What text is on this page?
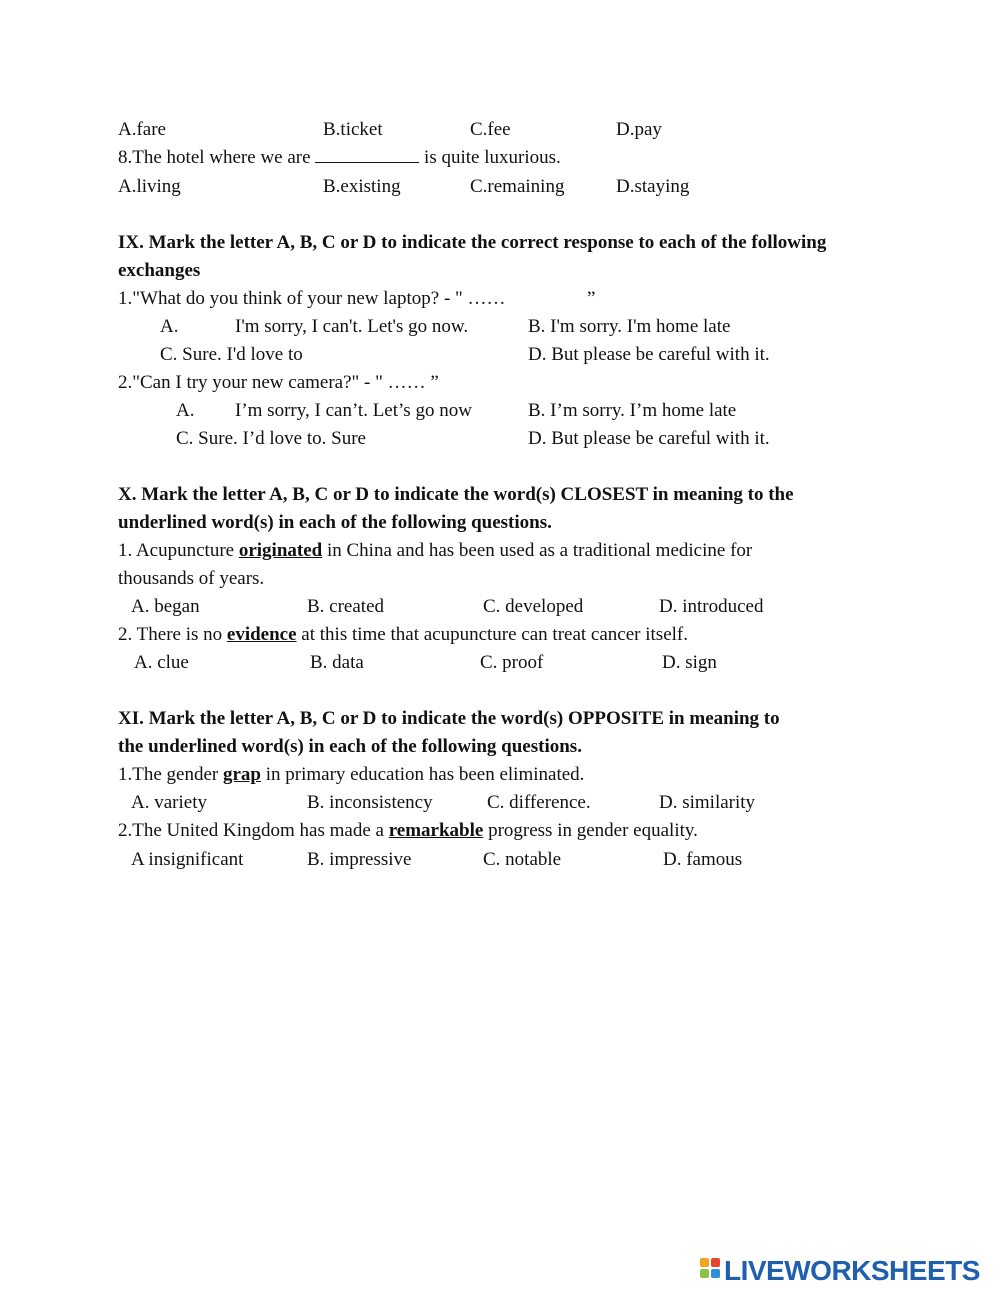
A.fare	B.ticket	C.fee	D.pay
8.The hotel where we are	is quite luxurious.
A.living	B.existing	C.remaining	D.staying
IX. Mark the letter A, B, C or D to indicate the correct response to each of the following
exchanges
1."What do you think of your new laptop? - " ……	”
A.	I'm sorry, I can't. Let's go now.	B. I'm sorry. I'm home late
C. Sure. I'd love to	D. But please be careful with it.
2."Can I try your new camera?" - " …… ”
A. I’m sorry, I can’t. Let’s go now	B. I’m sorry. I’m home late
C. Sure. I’d love to. Sure	D. But please be careful with it.
X. Mark the letter A, B, C or D to indicate the word(s) CLOSEST in meaning to the
underlined word(s) in each of the following questions.
1. Acupuncture originated in China and has been used as a traditional medicine for
thousands of years.
A. began	B. created	C. developed	D. introduced
2. There is no evidence at this time that acupuncture can treat cancer itself.
A. clue	B. data	C. proof	D. sign
XI. Mark the letter A, B, C or D to indicate the word(s) OPPOSITE in meaning to
the underlined word(s) in each of the following questions.
1.The gender grap in primary education has been eliminated.
A. variety	B. inconsistency	C. difference.	D. similarity
2.The United Kingdom has made a remarkable progress in gender equality.
A insignificant	B. impressive	C. notable	D. famous
LIVEWORKSHEETS
